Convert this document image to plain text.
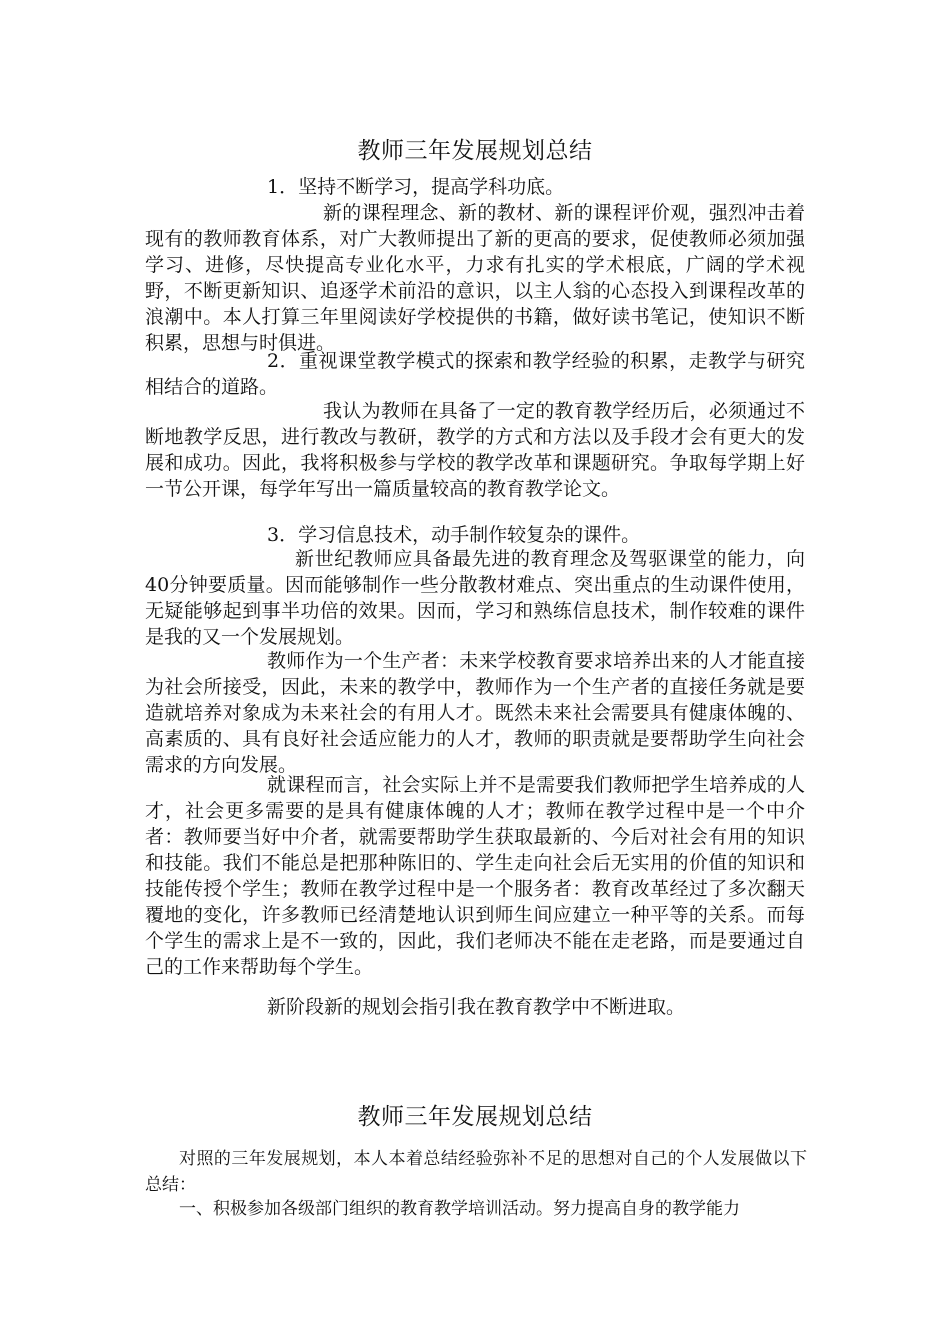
教师三年发展规划总结
1．坚持不断学习，提高学科功底。
新的课程理念、新的教材、新的课程评价观，强烈冲击着现有的教师教育体系，对广大教师提出了新的更高的要求，促使教师必须加强学习、进修，尽快提高专业化水平，力求有扎实的学术根底，广阔的学术视野，不断更新知识、追逐学术前沿的意识，以主人翁的心态投入到课程改革的浪潮中。本人打算三年里阅读好学校提供的书籍，做好读书笔记，使知识不断积累，思想与时俱进。
2．重视课堂教学模式的探索和教学经验的积累，走教学与研究相结合的道路。
我认为教师在具备了一定的教育教学经历后，必须通过不断地教学反思，进行教改与教研，教学的方式和方法以及手段才会有更大的发展和成功。因此，我将积极参与学校的教学改革和课题研究。争取每学期上好一节公开课，每学年写出一篇质量较高的教育教学论文。
3．学习信息技术，动手制作较复杂的课件。
新世纪教师应具备最先进的教育理念及驾驱课堂的能力，向40分钟要质量。因而能够制作一些分散教材难点、突出重点的生动课件使用，无疑能够起到事半功倍的效果。因而，学习和熟练信息技术，制作较难的课件是我的又一个发展规划。
教师作为一个生产者：未来学校教育要求培养出来的人才能直接为社会所接受，因此，未来的教学中，教师作为一个生产者的直接任务就是要造就培养对象成为未来社会的有用人才。既然未来社会需要具有健康体魄的、高素质的、具有良好社会适应能力的人才，教师的职责就是要帮助学生向社会需求的方向发展。
就课程而言，社会实际上并不是需要我们教师把学生培养成的人才，社会更多需要的是具有健康体魄的人才；教师在教学过程中是一个中介者：教师要当好中介者，就需要帮助学生获取最新的、今后对社会有用的知识和技能。我们不能总是把那种陈旧的、学生走向社会后无实用的价值的知识和技能传授个学生；教师在教学过程中是一个服务者：教育改革经过了多次翻天覆地的变化，许多教师已经清楚地认识到师生间应建立一种平等的关系。而每个学生的需求上是不一致的，因此，我们老师决不能在走老路，而是要通过自己的工作来帮助每个学生。
新阶段新的规划会指引我在教育教学中不断进取。
教师三年发展规划总结
对照的三年发展规划，本人本着总结经验弥补不足的思想对自己的个人发展做以下总结：
一、积极参加各级部门组织的教育教学培训活动。努力提高自身的教学能力
